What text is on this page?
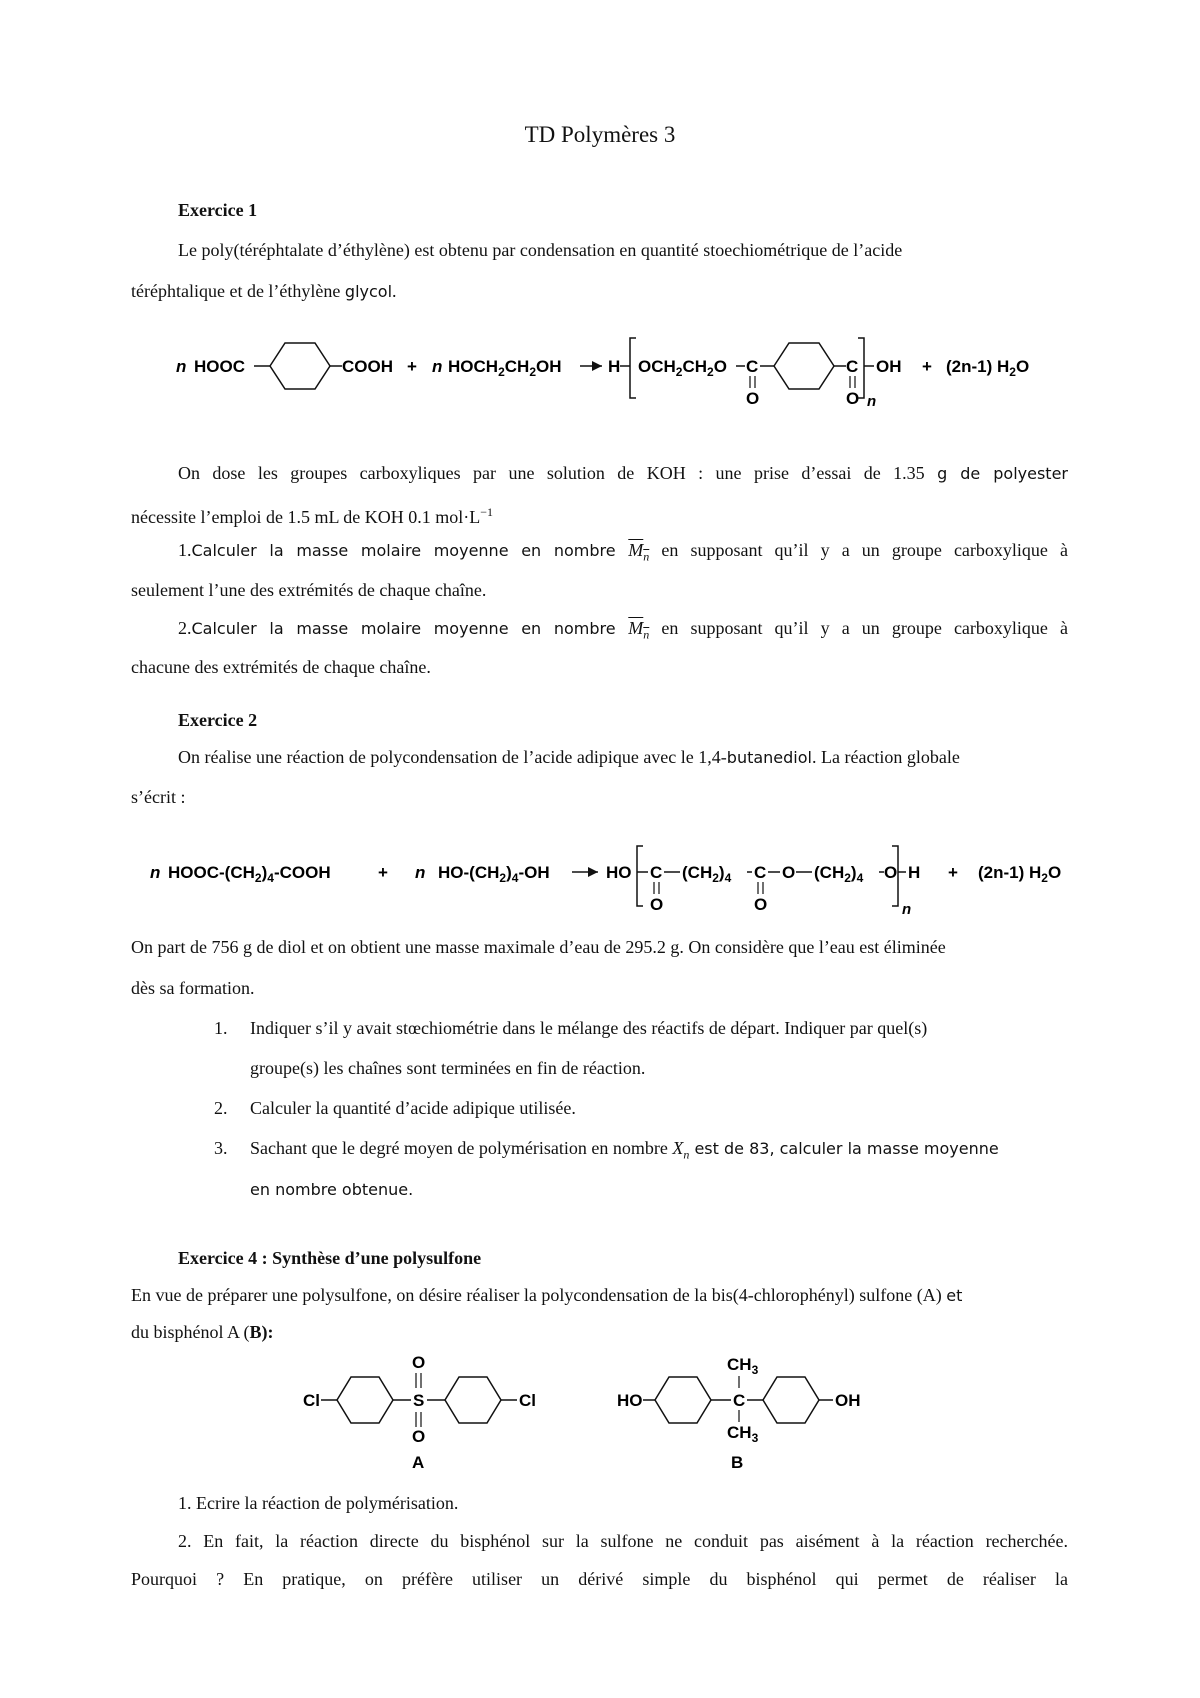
TD Polymères 3
Exercice 1
Le poly(téréphtalate d’éthylène) est obtenu par condensation en quantité stoechiométrique de l’acide
téréphtalique et de l’éthylène glycol.
n HOOC	COOH + n $HOCH_2CH_2OH$	H $OCH_2CH_2O$ C
O
C
O n
OH + (2n-1) $H_2O$
On dose les groupes carboxyliques par une solution de KOH : une prise d’essai de 1.35 g de polyester
nécessite l’emploi de 1.5 mL de KOH 0.1 $mol\cdot L^{-1}$
1.Calculer la masse molaire moyenne en nombre $M_n$ en supposant qu’il y a un groupe carboxylique à
seulement l’une des extrémités de chaque chaîne.
2.Calculer la masse molaire moyenne en nombre $M_n$ en supposant qu’il y a un groupe carboxylique à
chacune des extrémités de chaque chaîne.
Exercice 2
On réalise une réaction de polycondensation de l’acide adipique avec le 1,4-butanediol. La réaction globale
s’écrit :
n HOOC-$(CH_2)_4$-COOH	+ n $HO-(CH_2)_4-OH$	HO C
O
$(CH_2)_4$ C
O
O $(CH_2)_4$ O
n
H + (2n-1) $H_2O$
On part de 756 g de diol et on obtient une masse maximale d’eau de 295.2 g. On considère que l’eau est éliminée
dès sa formation.
1. Indiquer s’il y avait stœchiométrie dans le mélange des réactifs de départ. Indiquer par quel(s)
groupe(s) les chaînes sont terminées en fin de réaction.
2. Calculer la quantité d’acide adipique utilisée.
3. Sachant que le degré moyen de polymérisation en nombre $X_n$ est de 83, calculer la masse moyenne
en nombre obtenue.
Exercice 4 : Synthèse d’une polysulfone
En vue de préparer une polysulfone, on désire réaliser la polycondensation de la bis(4-chlorophényl) sulfone (A) et
du bisphénol A (B):
Cl	S
O
O
Cl
A
HO	C
$CH_3$
$CH_3$
OH
B
1. Ecrire la réaction de polymérisation.
2. En fait, la réaction directe du bisphénol sur la sulfone ne conduit pas aisément à la réaction recherchée.
Pourquoi ? En pratique, on préfère utiliser un dérivé simple du bisphénol qui permet de réaliser la
